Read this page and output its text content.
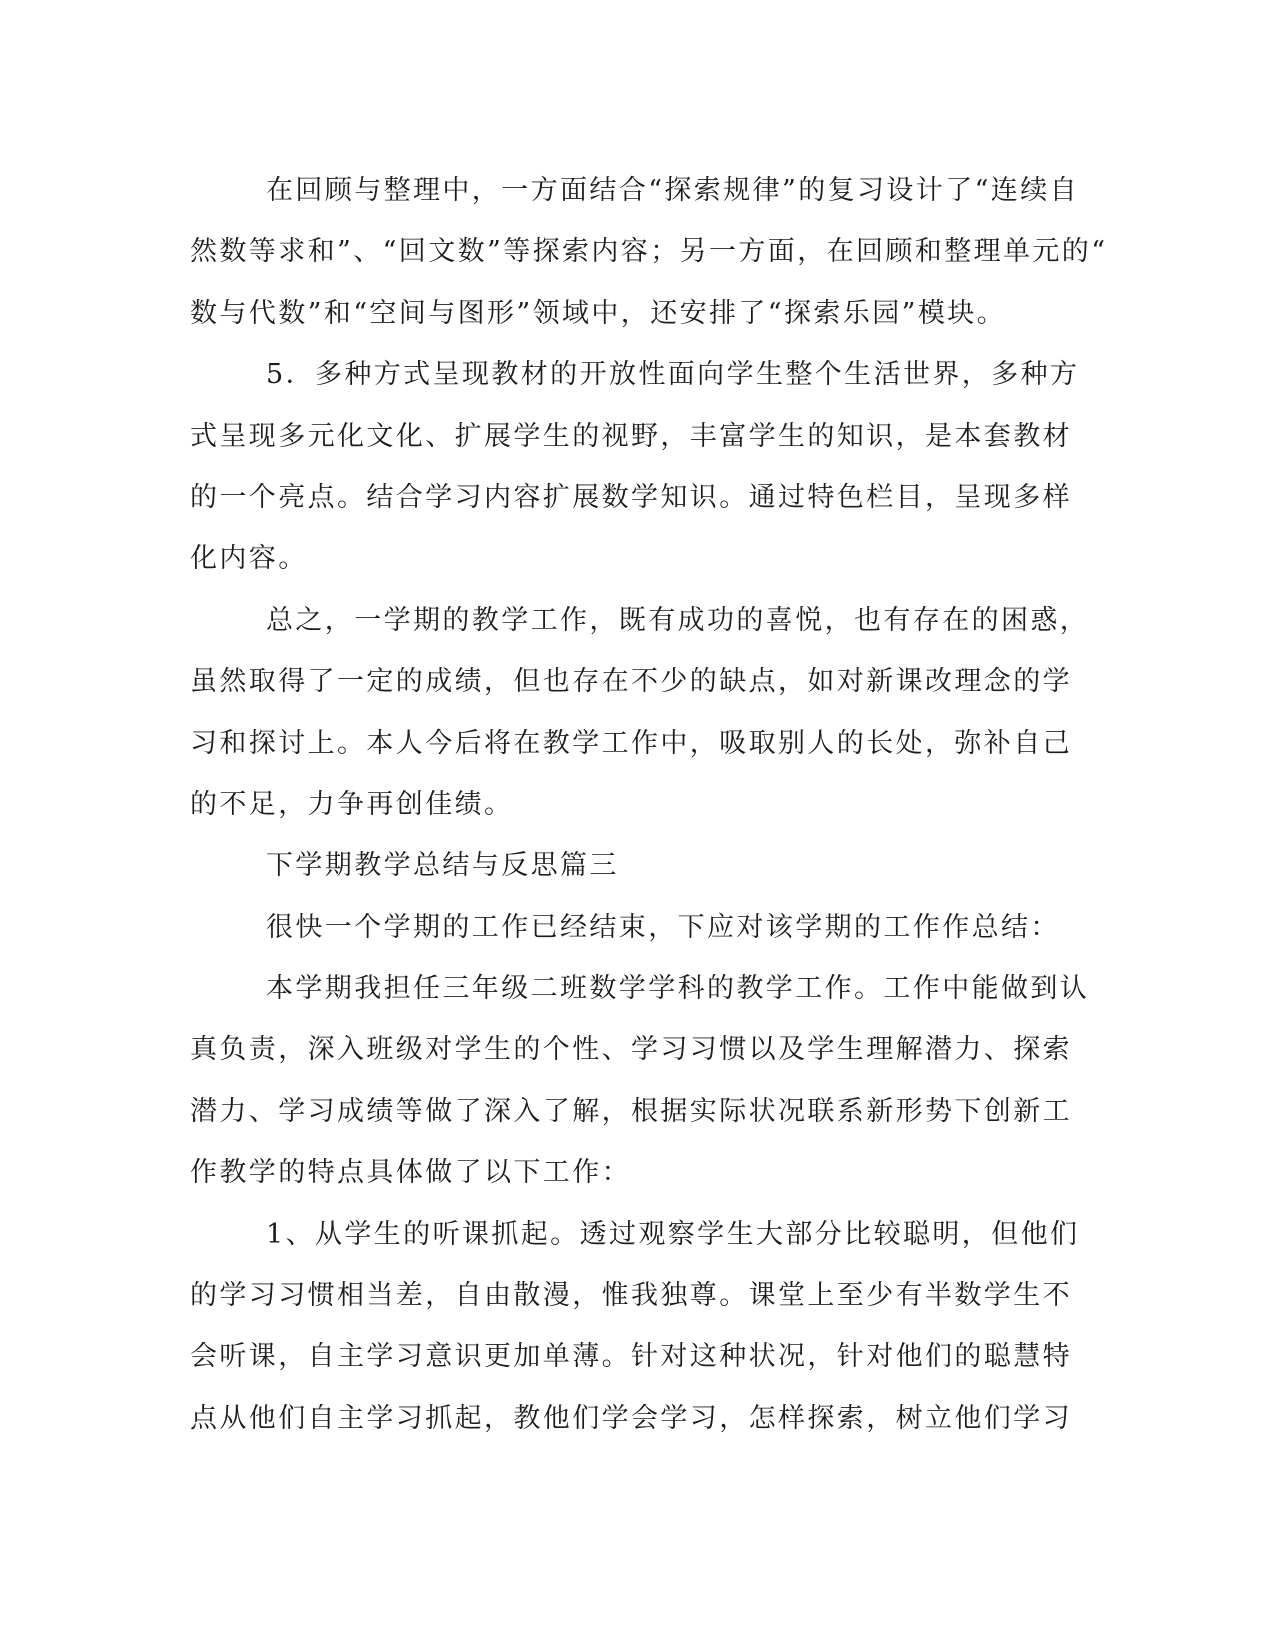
在回顾与整理中，一方面结合“探索规律”的复习设计了“连续自
然数等求和”、“回文数”等探索内容；另一方面，在回顾和整理单元的“
数与代数”和“空间与图形”领域中，还安排了“探索乐园”模块。
5．多种方式呈现教材的开放性面向学生整个生活世界，多种方
式呈现多元化文化、扩展学生的视野，丰富学生的知识，是本套教材
的一个亮点。结合学习内容扩展数学知识。通过特色栏目，呈现多样
化内容。
总之，一学期的教学工作，既有成功的喜悦，也有存在的困惑，
虽然取得了一定的成绩，但也存在不少的缺点，如对新课改理念的学
习和探讨上。本人今后将在教学工作中，吸取别人的长处，弥补自己
的不足，力争再创佳绩。
下学期教学总结与反思篇三
很快一个学期的工作已经结束，下应对该学期的工作作总结：
本学期我担任三年级二班数学学科的教学工作。工作中能做到认
真负责，深入班级对学生的个性、学习习惯以及学生理解潜力、探索
潜力、学习成绩等做了深入了解，根据实际状况联系新形势下创新工
作教学的特点具体做了以下工作：
1、从学生的听课抓起。透过观察学生大部分比较聪明，但他们
的学习习惯相当差，自由散漫，惟我独尊。课堂上至少有半数学生不
会听课，自主学习意识更加单薄。针对这种状况，针对他们的聪慧特
点从他们自主学习抓起，教他们学会学习，怎样探索，树立他们学习
